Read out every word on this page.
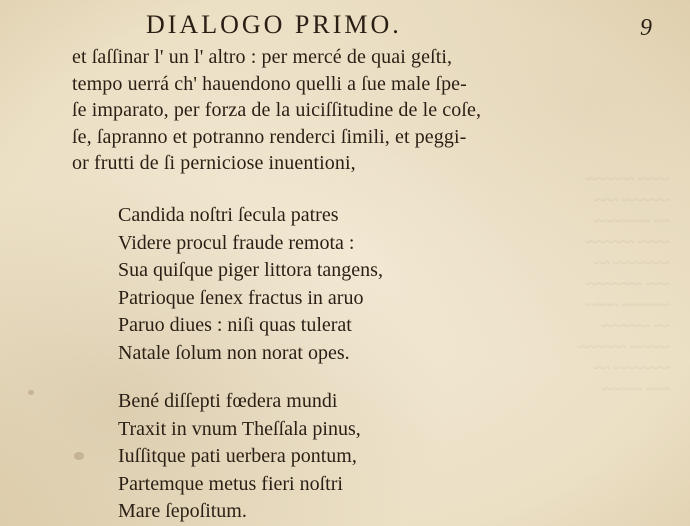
~~~~ ~~~~~~
~~~~~~ ~~~
~~ ~~~~~~~
~~~~ ~~~~~~
~~~~~~~ ~~
~~~ ~~~~~~~
~~~~~~ ~~~~
~~ ~~~~~~
~~~~~ ~~~~~~
~~~~~~~ ~~
~~~ ~~~~~
DIALOGO PRIMO.	9
et ſaſſinar l' un l' altro : per mercé de quai geſti,
tempo uerrá ch' hauendono quelli a ſue male ſpe-
ſe imparato, per forza de la uiciſſitudine de le coſe,
ſe, ſapranno et potranno renderci ſimili, et peggi-
or frutti de ſi perniciose inuentioni,
Candida noſtri ſecula patres
Videre procul fraude remota :
Sua quiſque piger littora tangens,
Patrioque ſenex fractus in aruo
Paruo diues : niſi quas tulerat
Natale ſolum non norat opes.
Bené diſſepti fœdera mundi
Traxit in vnum Theſſala pinus,
Iuſſitque pati uerbera pontum,
Partemque metus fieri noſtri
Mare ſepoſitum.
